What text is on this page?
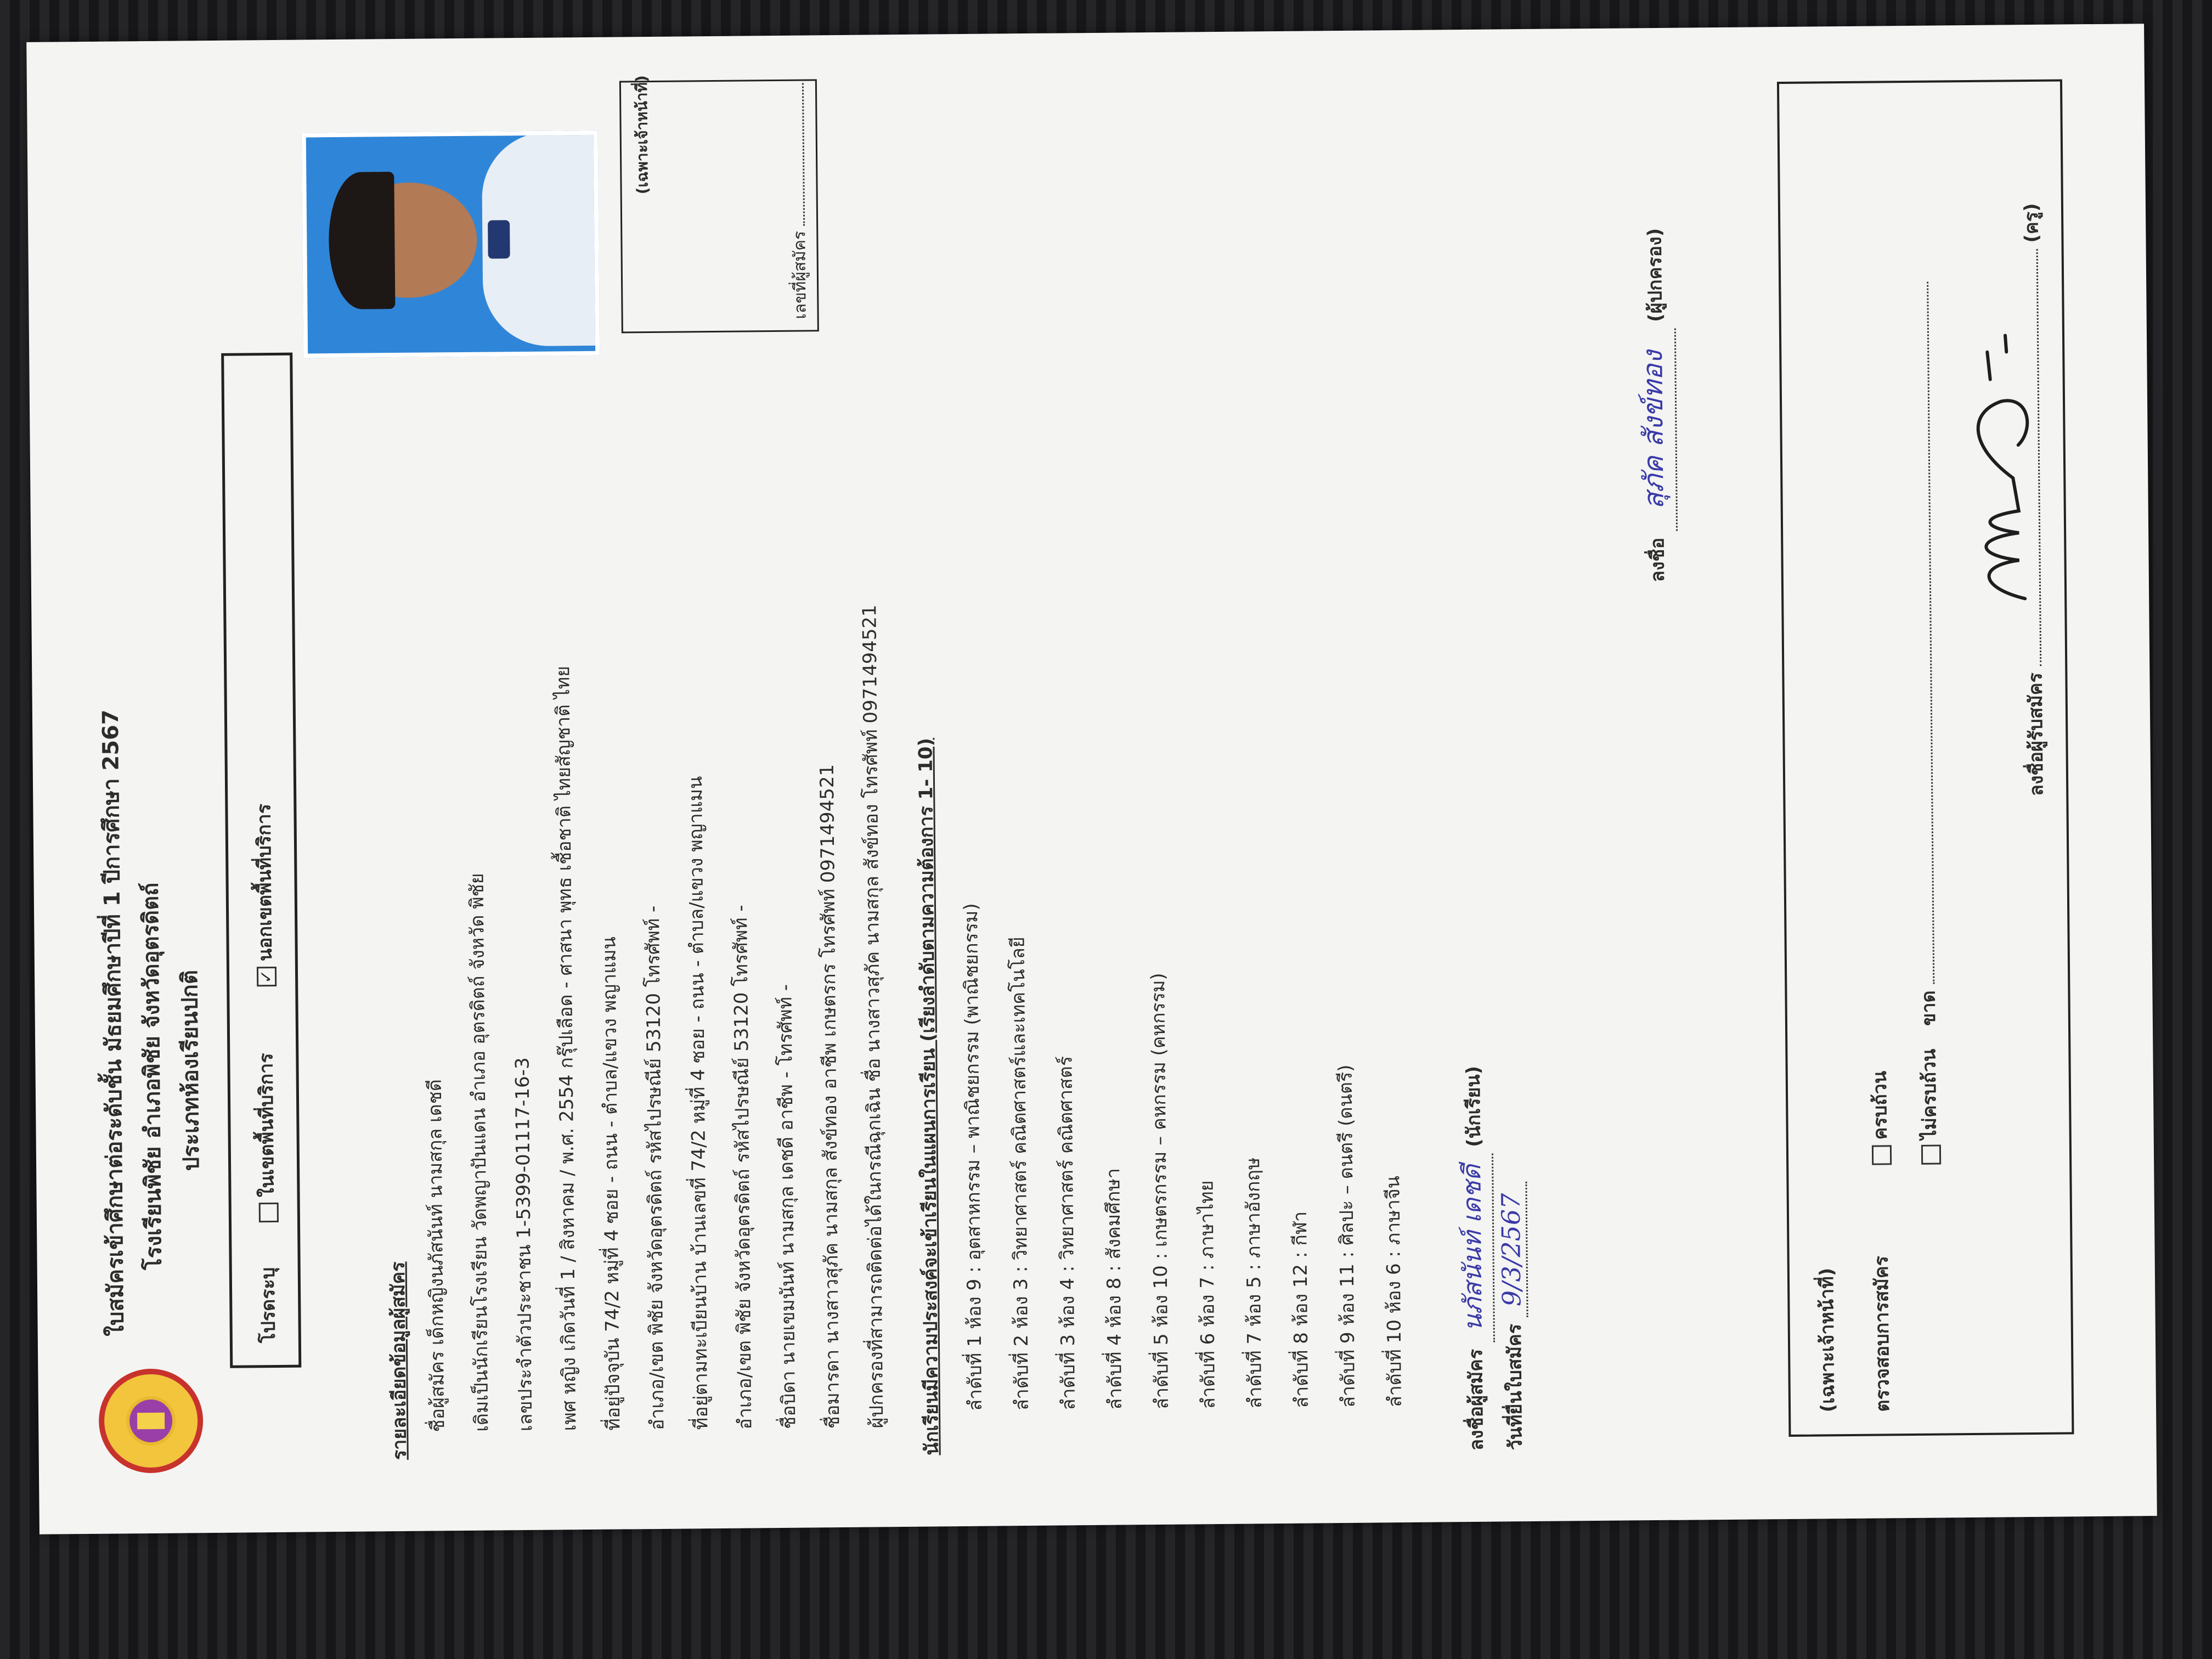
ใบสมัครเข้าศึกษาต่อระดับชั้น มัธยมศึกษาปีที่ 1 ปีการศึกษา 2567 โรงเรียนพิชัย อำเภอพิชัย จังหวัดอุตรดิตถ์ ประเภทห้องเรียนปกติ
โปรดระบุ
ในเขตพื้นที่บริการ
✓นอกเขตพื้นที่บริการ
(เฉพาะเจ้าหน้าที่)
เลขที่ผู้สมัคร
รายละเอียดข้อมูลผู้สมัคร ชื่อผู้สมัคร เด็กหญิงนภัสนันท์ นามสกุล เดชดี เดิมเป็นนักเรียนโรงเรียน วัดพญาปันแดน อำเภอ อุตรดิตถ์ จังหวัด พิชัย เลขประจำตัวประชาชน 1-5399-01117-16-3 เพศ หญิง เกิดวันที่ 1 / สิงหาคม / พ.ศ. 2554 กรุ๊ปเลือด - ศาสนา พุทธ เชื้อชาติ ไทยสัญชาติ ไทย ที่อยู่ปัจจุบัน 74/2 หมู่ที่ 4 ซอย - ถนน - ตำบล/แขวง พญาแมน อำเภอ/เขต พิชัย จังหวัดอุตรดิตถ์ รหัสไปรษณีย์ 53120 โทรศัพท์ - ที่อยู่ตามทะเบียนบ้าน บ้านเลขที่ 74/2 หมู่ที่ 4 ซอย - ถนน - ตำบล/แขวง พญาแมน อำเภอ/เขต พิชัย จังหวัดอุตรดิตถ์ รหัสไปรษณีย์ 53120 โทรศัพท์ - ชื่อบิดา นายเขมนันท์ นามสกุล เดชดี อาชีพ - โทรศัพท์ - ชื่อมารดา นางสาวสุภัค นามสกุล สังข์ทอง อาชีพ เกษตรกร โทรศัพท์ 0971494521 ผู้ปกครองที่สามารถติดต่อได้ในกรณีฉุกเฉิน ชื่อ นางสาวสุภัค นามสกุล สังข์ทอง โทรศัพท์ 0971494521 นักเรียนมีความประสงค์จะเข้าเรียนในแผนการเรียน (เรียงลำดับตามความต้องการ 1- 10) ลำดับที่ 1 ห้อง 9 : อุตสาหกรรม – พาณิชยกรรม (พาณิชยกรรม) ลำดับที่ 2 ห้อง 3 : วิทยาศาสตร์ คณิตศาสตร์และเทคโนโลยี ลำดับที่ 3 ห้อง 4 : วิทยาศาสตร์ คณิตศาสตร์ ลำดับที่ 4 ห้อง 8 : สังคมศึกษา ลำดับที่ 5 ห้อง 10 : เกษตรกรรม – คหกรรม (คหกรรม) ลำดับที่ 6 ห้อง 7 : ภาษาไทย ลำดับที่ 7 ห้อง 5 : ภาษาอังกฤษ ลำดับที่ 8 ห้อง 12 : กีฬา ลำดับที่ 9 ห้อง 11 : ศิลปะ – ดนตรี (ดนตรี) ลำดับที่ 10 ห้อง 6 : ภาษาจีน	ลงชื่อผู้สมัคร นภัสนันท์ เดชดี (นักเรียน)
วันที่ยื่นใบสมัคร 9/3/2567
ลงชื่อ สุภัค สังข์ทอง (ผู้ปกครอง)
(เฉพาะเจ้าหน้าที่) ตรวจสอบการสมัคร
ครบถ้วน	ไม่ครบถ้วน ขาด
ลงชื่อผู้รับสมัคร  (ครู)
